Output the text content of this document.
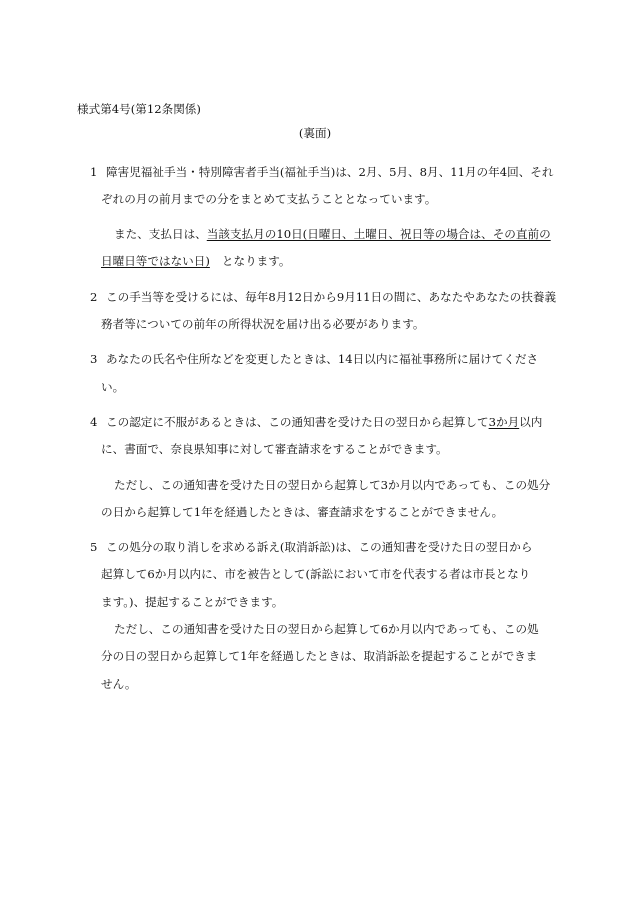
様式第4号(第12条関係)
(裏面)
1 障害児福祉手当・特別障害者手当(福祉手当)は、2月、5月、8月、11月の年4回、それ
ぞれの月の前月までの分をまとめて支払うこととなっています。
また、支払日は、当該支払月の10日(日曜日、土曜日、祝日等の場合は、その直前の
日曜日等ではない日) となります。
2 この手当等を受けるには、毎年8月12日から9月11日の間に、あなたやあなたの扶養義
務者等についての前年の所得状況を届け出る必要があります。
3 あなたの氏名や住所などを変更したときは、14日以内に福祉事務所に届けてくださ
い。
4 この認定に不服があるときは、この通知書を受けた日の翌日から起算して3か月以内
に、書面で、奈良県知事に対して審査請求をすることができます。
ただし、この通知書を受けた日の翌日から起算して3か月以内であっても、この処分
の日から起算して1年を経過したときは、審査請求をすることができません。
5 この処分の取り消しを求める訴え(取消訴訟)は、この通知書を受けた日の翌日から
起算して6か月以内に、市を被告として(訴訟において市を代表する者は市長となり
ます。)、提起することができます。
ただし、この通知書を受けた日の翌日から起算して6か月以内であっても、この処
分の日の翌日から起算して1年を経過したときは、取消訴訟を提起することができま
せん。
